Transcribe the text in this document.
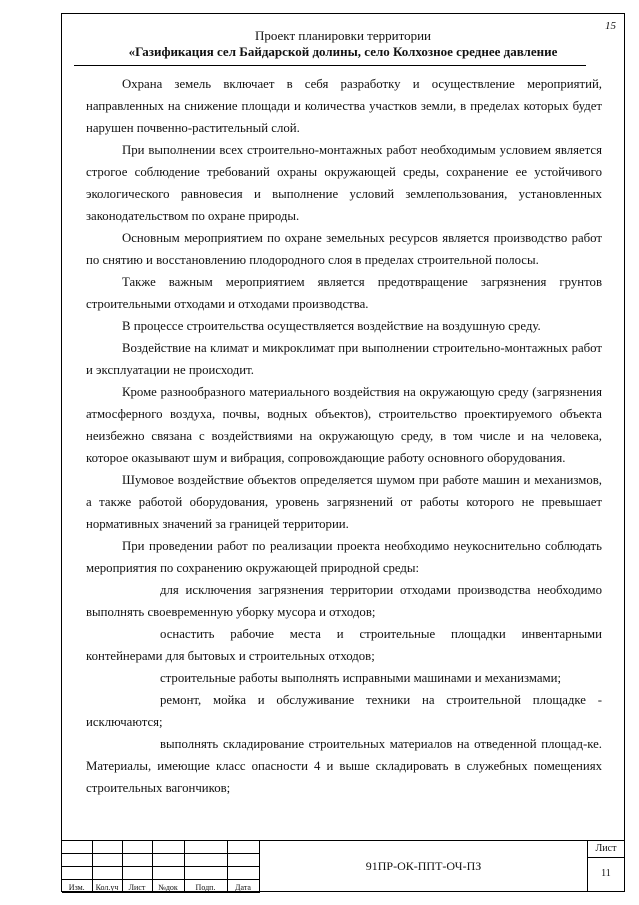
15
Проект планировки территории
«Газификация сел Байдарской долины, село Колхозное среднее давление

Охрана земель включает в себя разработку и осуществление мероприятий, направленных на снижение площади и количества участков земли, в пределах которых будет нарушен почвенно-растительный слой.

При выполнении всех строительно-монтажных работ необходимым условием является строгое соблюдение требований охраны окружающей среды, сохранение ее устойчивого экологического равновесия и выполнение условий землепользования, установленных законодательством по охране природы.

Основным мероприятием по охране земельных ресурсов является производство работ по снятию и восстановлению плодородного слоя в пределах строительной полосы.

Также важным мероприятием является предотвращение загрязнения грунтов строительными отходами и отходами производства.

В процессе строительства осуществляется воздействие на воздушную среду.

Воздействие на климат и микроклимат при выполнении строительно-монтажных работ и эксплуатации не происходит.

Кроме разнообразного материального воздействия на окружающую среду (загрязнения атмосферного воздуха, почвы, водных объектов), строительство проектируемого объекта неизбежно связана с воздействиями на окружающую среду, в том числе и на человека, которое оказывают шум и вибрация, сопровождающие работу основного оборудования.

Шумовое воздействие объектов определяется шумом при работе машин и механизмов, а также работой оборудования, уровень загрязнений от работы которого не превышает нормативных значений за границей территории.

При проведении работ по реализации проекта необходимо неукоснительно соблюдать мероприятия по сохранению окружающей природной среды:

для исключения загрязнения территории отходами производства необходимо выполнять своевременную уборку мусора и отходов;

оснастить рабочие места и строительные площадки инвентарными контейнерами для бытовых и строительных отходов;

строительные работы выполнять исправными машинами и механизмами;

ремонт, мойка и обслуживание техники на строительной площадке - исключаются;

выполнять складирование строительных материалов на отведенной площад-ке. Материалы, имеющие класс опасности 4 и выше складировать в служебных помещениях строительных вагончиков;

Изм.	Кол.уч	Лист	№док	Подп.	Дата
91ПР-ОК-ППТ-ОЧ-ПЗ
Лист
11
